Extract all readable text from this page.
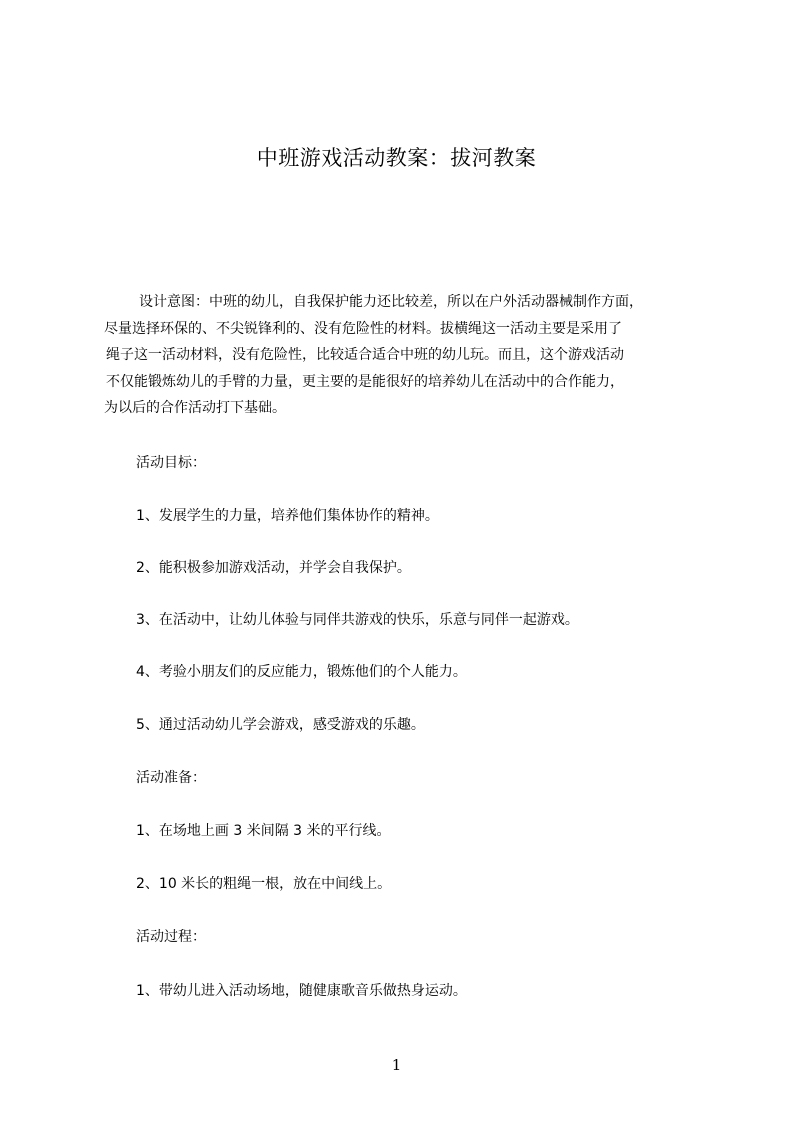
中班游戏活动教案：拔河教案
设计意图：中班的幼儿，自我保护能力还比较差，所以在户外活动器械制作方面，
尽量选择环保的、不尖锐锋利的、没有危险性的材料。拔横绳这一活动主要是采用了
绳子这一活动材料，没有危险性，比较适合适合中班的幼儿玩。而且，这个游戏活动
不仅能锻炼幼儿的手臂的力量，更主要的是能很好的培养幼儿在活动中的合作能力，
为以后的合作活动打下基础。
活动目标：
1、发展学生的力量，培养他们集体协作的精神。
2、能积极参加游戏活动，并学会自我保护。
3、在活动中，让幼儿体验与同伴共游戏的快乐，乐意与同伴一起游戏。
4、考验小朋友们的反应能力，锻炼他们的个人能力。
5、通过活动幼儿学会游戏，感受游戏的乐趣。
活动准备：
1、在场地上画 3 米间隔 3 米的平行线。
2、10 米长的粗绳一根，放在中间线上。
活动过程：
1、带幼儿进入活动场地，随健康歌音乐做热身运动。
1
